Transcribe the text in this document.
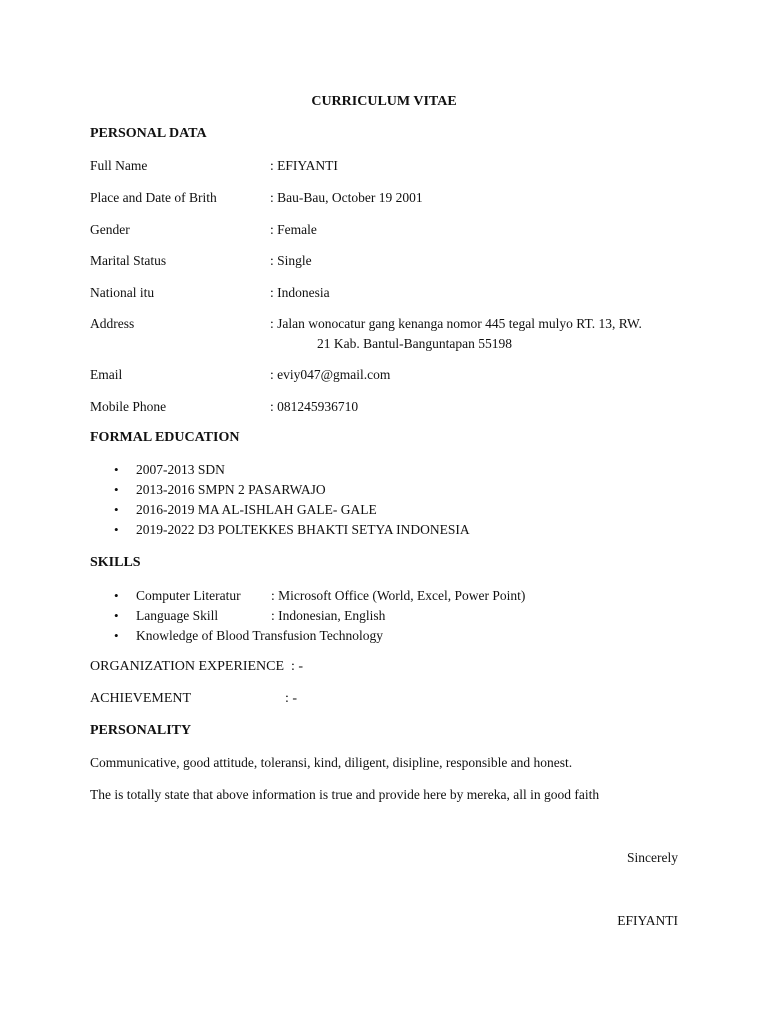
CURRICULUM VITAE
PERSONAL DATA
Full Name	: EFIYANTI
Place and Date of Brith	: Bau-Bau, October 19 2001
Gender	: Female
Marital Status	: Single
National itu	: Indonesia
Address	: Jalan wonocatur gang kenanga nomor 445 tegal mulyo RT. 13, RW.
21 Kab. Bantul-Banguntapan 55198
Email	: eviy047@gmail.com
Mobile Phone	: 081245936710
FORMAL EDUCATION
• 2007-2013 SDN
• 2013-2016 SMPN 2 PASARWAJO
• 2016-2019 MA AL-ISHLAH GALE- GALE
• 2019-2022 D3 POLTEKKES BHAKTI SETYA INDONESIA
SKILLS
• Computer Literatur : Microsoft Office (World, Excel, Power Point)
• Language Skill	: Indonesian, English
• Knowledge of Blood Transfusion Technology
ORGANIZATION EXPERIENCE : -
ACHIEVEMENT	: -
PERSONALITY
Communicative, good attitude, toleransi, kind, diligent, disipline, responsible and honest.
The is totally state that above information is true and provide here by mereka, all in good faith
Sincerely
EFIYANTI
